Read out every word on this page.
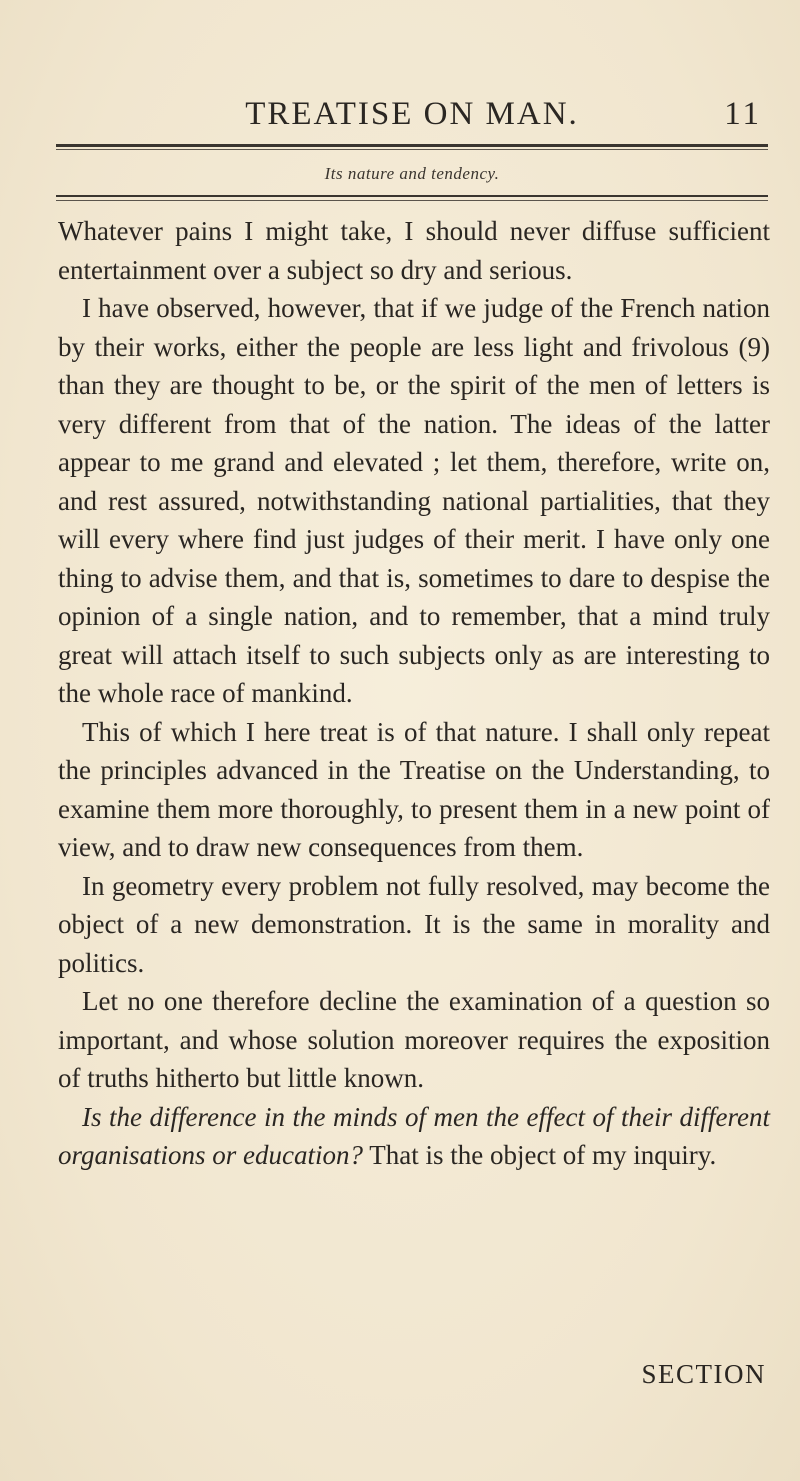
TREATISE ON MAN.	11
Its nature and tendency.

Whatever pains I might take, I should never diffuse sufficient entertainment over a subject so dry and serious.

I have observed, however, that if we judge of the French nation by their works, either the people are less light and frivolous (9) than they are thought to be, or the spirit of the men of letters is very different from that of the nation. The ideas of the latter appear to me grand and elevated ; let them, therefore, write on, and rest assured, notwithstanding national partialities, that they will every where find just judges of their merit. I have only one thing to advise them, and that is, sometimes to dare to despise the opinion of a single nation, and to remember, that a mind truly great will attach itself to such subjects only as are interesting to the whole race of mankind.

This of which I here treat is of that nature. I shall only repeat the principles advanced in the Treatise on the Understanding, to examine them more thoroughly, to present them in a new point of view, and to draw new consequences from them.

In geometry every problem not fully resolved, may become the object of a new demonstration. It is the same in morality and politics.

Let no one therefore decline the examination of a question so important, and whose solution moreover requires the exposition of truths hitherto but little known.

Is the difference in the minds of men the effect of their different organisations or education? That is the object of my inquiry.

SECTION
